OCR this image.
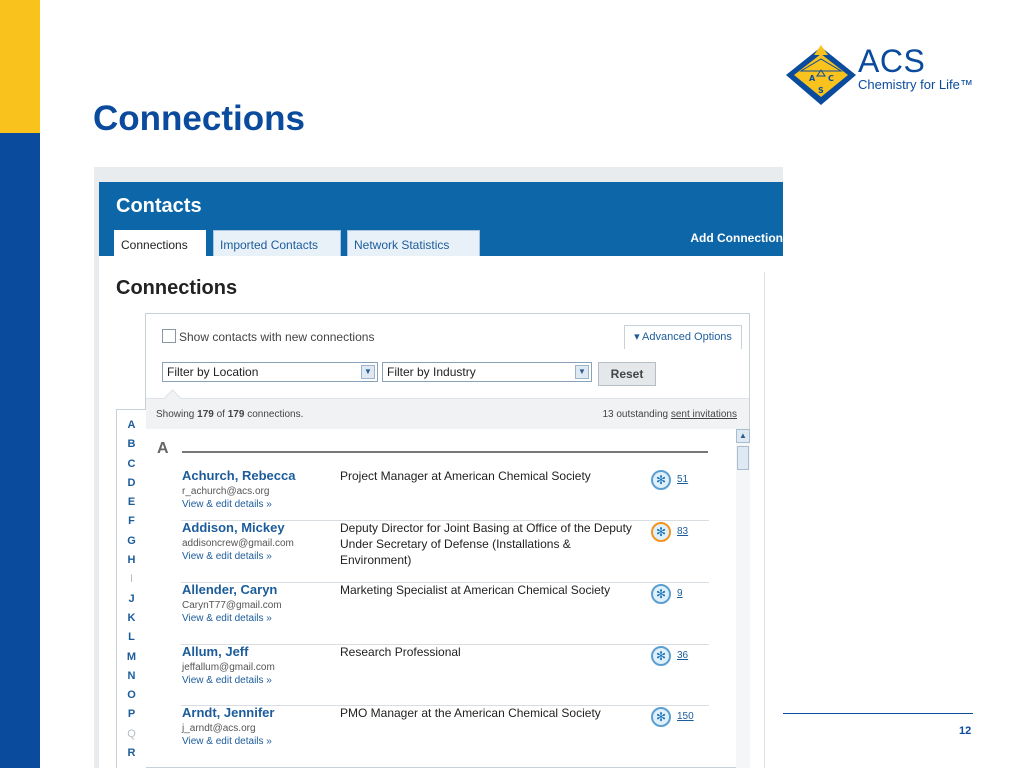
Connections
A C
S
ACS
Chemistry for Life™
12
Contacts
Add Connection
Connections	Imported Contacts	Network Statistics
Connections
Show contacts with new connections	▾ Advanced Options
Filter by Location	▼	Filter by Industry	▼	Reset
Showing 179 of 179 connections.	13 outstanding sent invitations
A
Achurch, Rebecca
r_achurch@acs.org
View & edit details »
Project Manager at American Chemical Society	✻	51
Addison, Mickey
addisoncrew@gmail.com
View & edit details »
Deputy Director for Joint Basing at Office of the Deputy Under Secretary of Defense (Installations & Environment)
✻	83
Allender, Caryn
CarynT77@gmail.com
View & edit details »
Marketing Specialist at American Chemical Society	✻	9
Allum, Jeff
jeffallum@gmail.com
View & edit details »
Research Professional	✻	36
Arndt, Jennifer
j_arndt@acs.org
View & edit details »
PMO Manager at the American Chemical Society	✻	150
▲
A
B
C
D
E
F
G
H
I
J
K
L
M
N
O
P
Q
R
